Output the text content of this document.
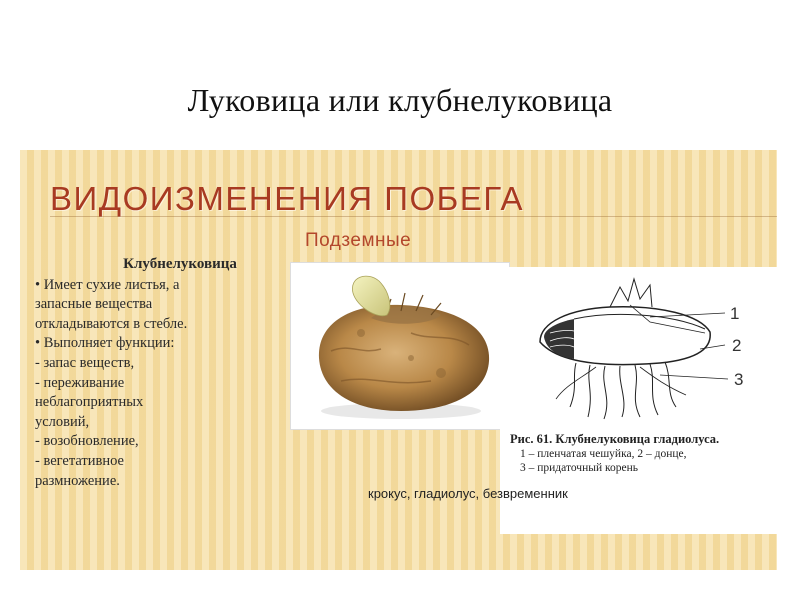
Луковица или клубнелуковица
ВИДОИЗМЕНЕНИЯ ПОБЕГА
Подземные
Клубнелуковица
• Имеет сухие листья, а
запасные вещества
откладываются в стебле.
• Выполняет функции:
- запас веществ,
- переживание
неблагоприятных
условий,
- возобновление,
- вегетативное
размножение.
1
2
3
Рис. 61. Клубнелуковица гладиолуса.
1 – пленчатая чешуйка, 2 – донце,
3 – придаточный корень
крокус, гладиолус, безвременник
